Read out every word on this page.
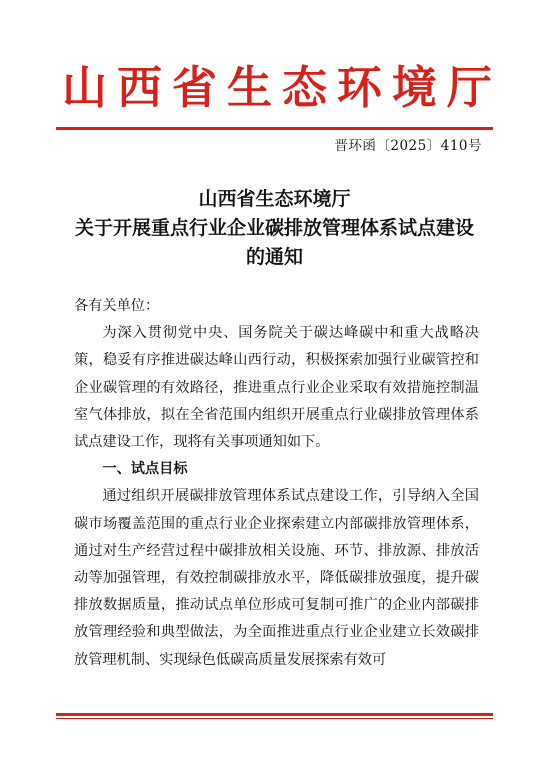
山 西 省 生 态 环 境 厅
晋环函〔2025〕410号
山西省生态环境厅
关于开展重点行业企业碳排放管理体系试点建设
的通知

各有关单位：

为深入贯彻党中央、国务院关于碳达峰碳中和重大战略决策，稳妥有序推进碳达峰山西行动，积极探索加强行业碳管控和企业碳管理的有效路径，推进重点行业企业采取有效措施控制温室气体排放，拟在全省范围内组织开展重点行业碳排放管理体系试点建设工作，现将有关事项通知如下。

一、试点目标

通过组织开展碳排放管理体系试点建设工作，引导纳入全国碳市场覆盖范围的重点行业企业探索建立内部碳排放管理体系，通过对生产经营过程中碳排放相关设施、环节、排放源、排放活动等加强管理，有效控制碳排放水平，降低碳排放强度，提升碳排放数据质量，推动试点单位形成可复制可推广的企业内部碳排放管理经验和典型做法，为全面推进重点行业企业建立长效碳排放管理机制、实现绿色低碳高质量发展探索有效可
